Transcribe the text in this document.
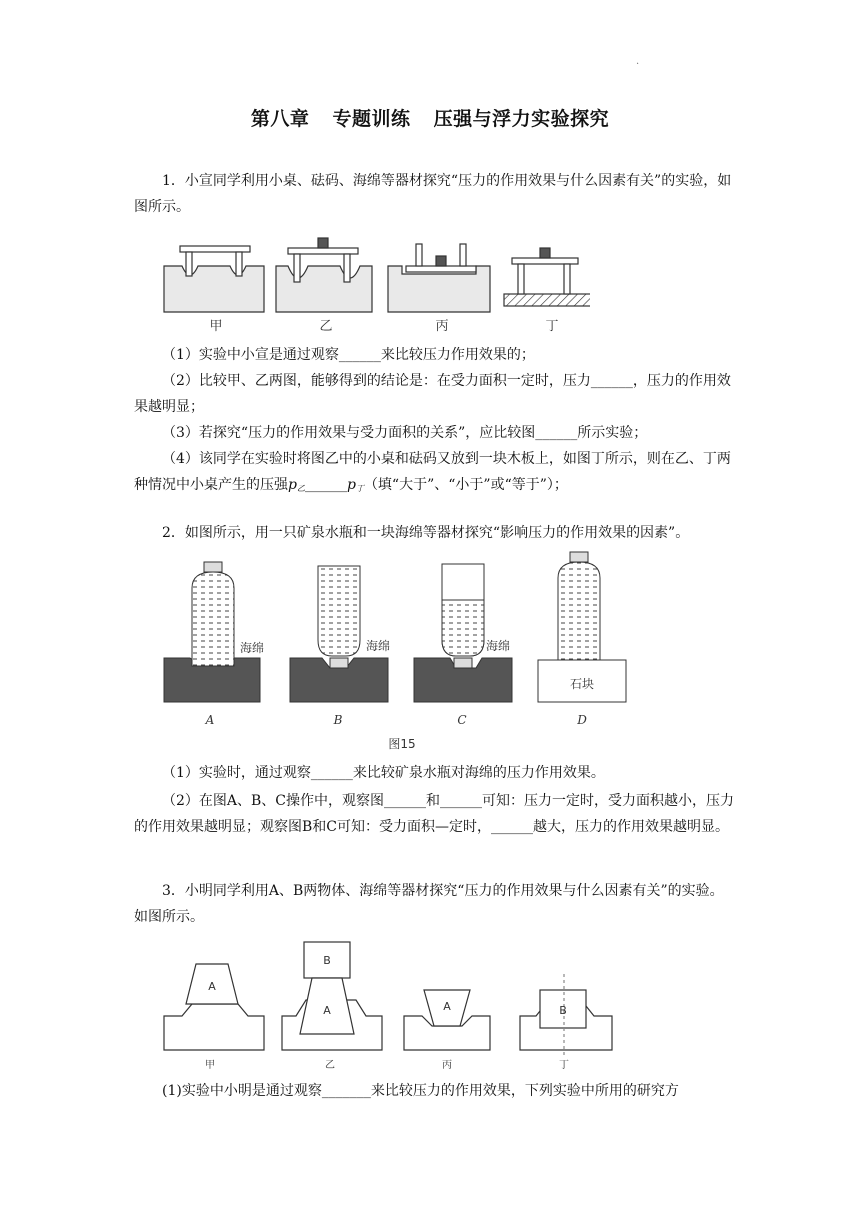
.
第八章 专题训练 压强与浮力实验探究
1．小宣同学利用小桌、砝码、海绵等器材探究“压力的作用效果与什么因素有关”的实验，如图所示。
甲	乙	丙	丁
（1）实验中小宣是通过观察______来比较压力作用效果的；
（2）比较甲、乙两图，能够得到的结论是：在受力面积一定时，压力______，压力的作用效果越明显；
（3）若探究“压力的作用效果与受力面积的关系”，应比较图______所示实验；
（4）该同学在实验时将图乙中的小桌和砝码又放到一块木板上，如图丁所示，则在乙、丁两种情况中小桌产生的压强$p_乙\_\_\_\_\_\_p_丁$（填“大于”、“小于”或“等于”）；
2．如图所示，用一只矿泉水瓶和一块海绵等器材探究“影响压力的作用效果的因素”。
海绵	海绵	海绵
石块
A	B	C	D
图15
（1）实验时，通过观察______来比较矿泉水瓶对海绵的压力作用效果。
（2）在图A、B、C操作中，观察图______和______可知：压力一定时，受力面积越小，压力的作用效果越明显；观察图B和C可知：受力面积—定时，______越大，压力的作用效果越明显。
3．小明同学利用A、B两物体、海绵等器材探究“压力的作用效果与什么因素有关”的实验。如图所示。
A
B
A	A	B
甲	乙	丙	丁
(1)实验中小明是通过观察_______来比较压力的作用效果，下列实验中所用的研究方
